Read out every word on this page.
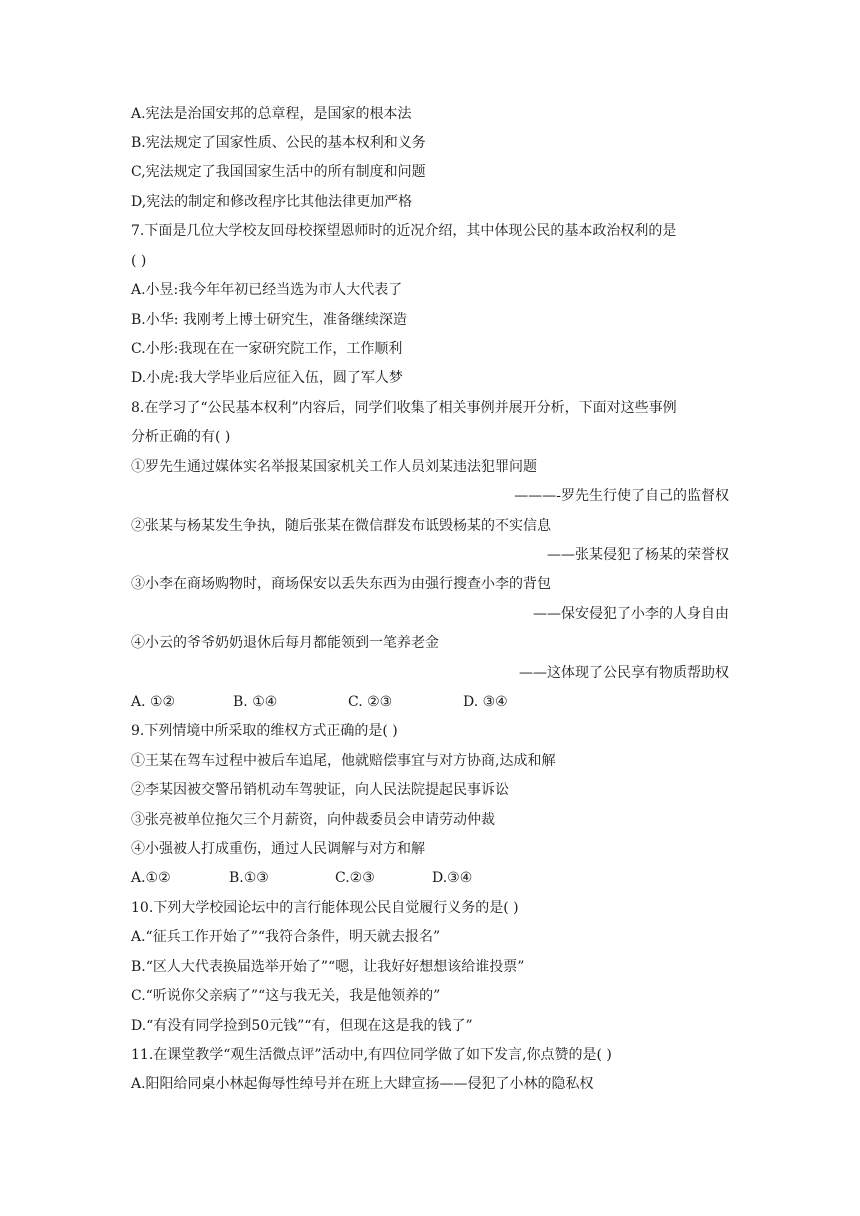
A.宪法是治国安邦的总章程，是国家的根本法
B.宪法规定了国家性质、公民的基本权利和义务
C,宪法规定了我国国家生活中的所有制度和问题
D,宪法的制定和修改程序比其他法律更加严格
7.下面是几位大学校友回母校探望恩师时的近况介绍，其中体现公民的基本政治权利的是
( )
A.小昱:我今年年初已经当选为市人大代表了
B.小华: 我刚考上博士研究生，准备继续深造
C.小彤:我现在在一家研究院工作，工作顺利
D.小虎:我大学毕业后应征入伍，圆了军人梦
8.在学习了“公民基本权利”内容后，同学们收集了相关事例并展开分析，下面对这些事例
分析正确的有( )
①罗先生通过媒体实名举报某国家机关工作人员刘某违法犯罪问题
———-罗先生行使了自己的监督权
②张某与杨某发生争执，随后张某在微信群发布诋毁杨某的不实信息
——张某侵犯了杨某的荣誉权
③小李在商场购物时，商场保安以丢失东西为由强行搜查小李的背包
——保安侵犯了小李的人身自由
④小云的爷爷奶奶退休后每月都能领到一笔养老金
——这体现了公民享有物质帮助权
A. ①②	B. ①④	C. ②③	D. ③④
9.下列情境中所采取的维权方式正确的是( )
①王某在驾车过程中被后车追尾，他就赔偿事宜与对方协商,达成和解
②李某因被交警吊销机动车驾驶证，向人民法院提起民事诉讼
③张亮被单位拖欠三个月薪资，向仲裁委员会申请劳动仲裁
④小强被人打成重伤，通过人民调解与对方和解
A.①②	B.①③	C.②③	D.③④
10.下列大学校园论坛中的言行能体现公民自觉履行义务的是( )
A.“征兵工作开始了”“我符合条件，明天就去报名”
B.“区人大代表换届选举开始了”“嗯，让我好好想想该给谁投票”
C.“听说你父亲病了”“这与我无关，我是他领养的”
D.“有没有同学捡到50元钱”“有，但现在这是我的钱了”
11.在课堂教学“观生活微点评”活动中,有四位同学做了如下发言,你点赞的是( )
A.阳阳给同桌小林起侮辱性绰号并在班上大肆宣扬——侵犯了小林的隐私权
